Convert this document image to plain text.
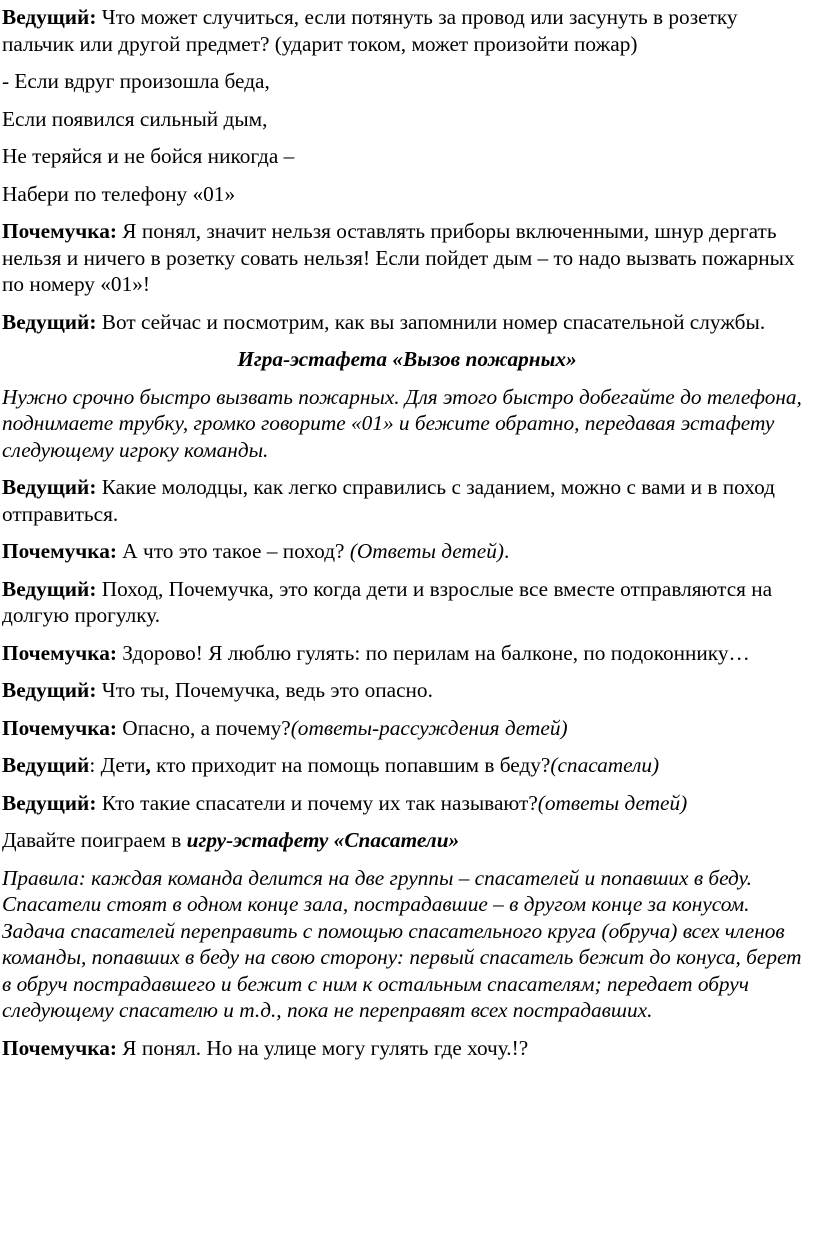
Ведущий: Что может случиться, если потянуть за провод или засунуть в розетку пальчик или другой предмет? (ударит током, может произойти пожар)

- Если вдруг произошла беда,

Если появился сильный дым,

Не теряйся и не бойся никогда –

Набери по телефону «01»

Почемучка: Я понял, значит нельзя оставлять приборы включенными, шнур дергать нельзя и ничего в розетку совать нельзя! Если пойдет дым – то надо вызвать пожарных по номеру «01»!

Ведущий: Вот сейчас и посмотрим, как вы запомнили номер спасательной службы.

Игра-эстафета «Вызов пожарных»

Нужно срочно быстро вызвать пожарных. Для этого быстро добегайте до телефона, поднимаете трубку, громко говорите «01» и бежите обратно, передавая эстафету следующему игроку команды.

Ведущий: Какие молодцы, как легко справились с заданием, можно с вами и в поход отправиться.

Почемучка: А что это такое – поход? (Ответы детей).

Ведущий: Поход, Почемучка, это когда дети и взрослые все вместе отправляются на долгую прогулку.

Почемучка: Здорово! Я люблю гулять: по перилам на балконе, по подоконнику…

Ведущий: Что ты, Почемучка, ведь это опасно.

Почемучка: Опасно, а почему?(ответы-рассуждения детей)

Ведущий: Дети, кто приходит на помощь попавшим в беду?(спасатели)

Ведущий: Кто такие спасатели и почему их так называют?(ответы детей)

Давайте поиграем в игру-эстафету «Спасатели»

Правила: каждая команда делится на две группы – спасателей и попавших в беду. Спасатели стоят в одном конце зала, пострадавшие – в другом конце за конусом. Задача спасателей переправить с помощью спасательного круга (обруча) всех членов команды, попавших в беду на свою сторону: первый спасатель бежит до конуса, берет в обруч пострадавшего и бежит с ним к остальным спасателям; передает обруч следующему спасателю и т.д., пока не переправят всех пострадавших.

Почемучка: Я понял. Но на улице могу гулять где хочу.!?
